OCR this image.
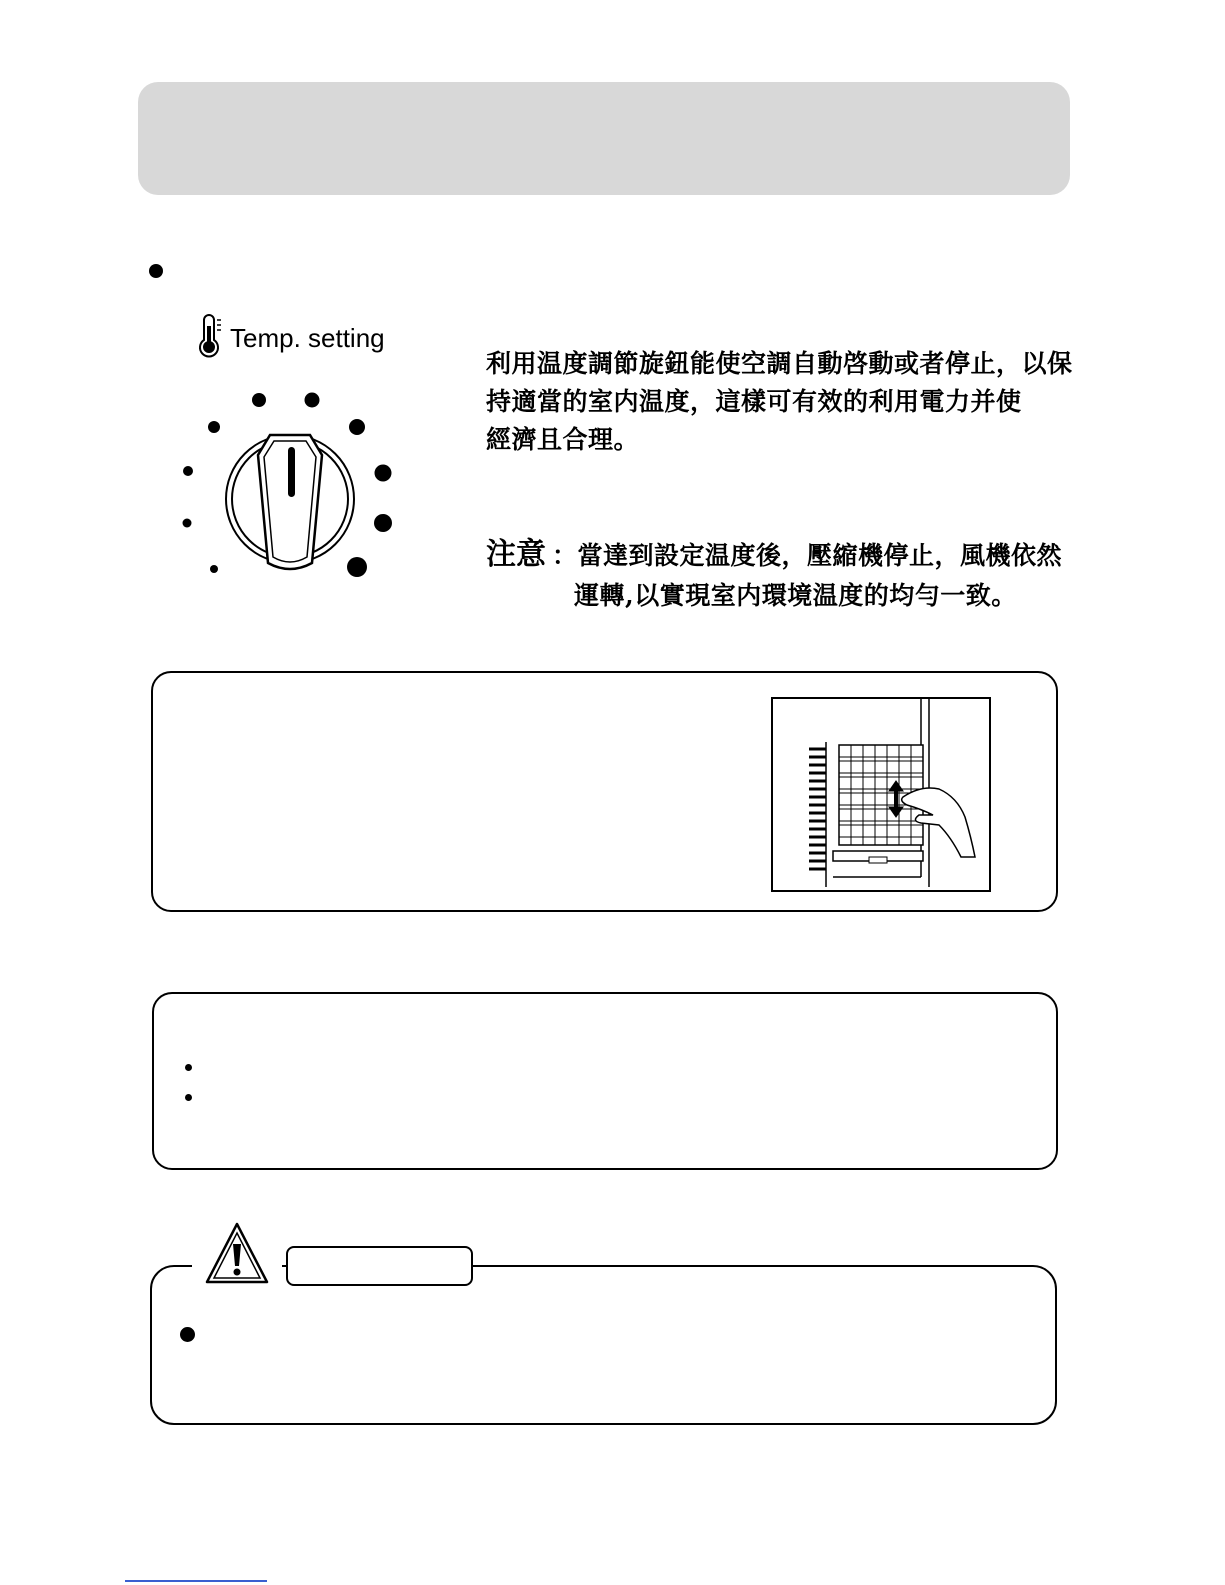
Temp. setting
利用温度調節旋鈕能使空調自動啓動或者停止，以保
持適當的室内温度，這樣可有效的利用電力并使
經濟且合理。
注意 ：當達到設定温度後，壓縮機停止，風機依然
運轉,以實現室内環境温度的均勻一致。
